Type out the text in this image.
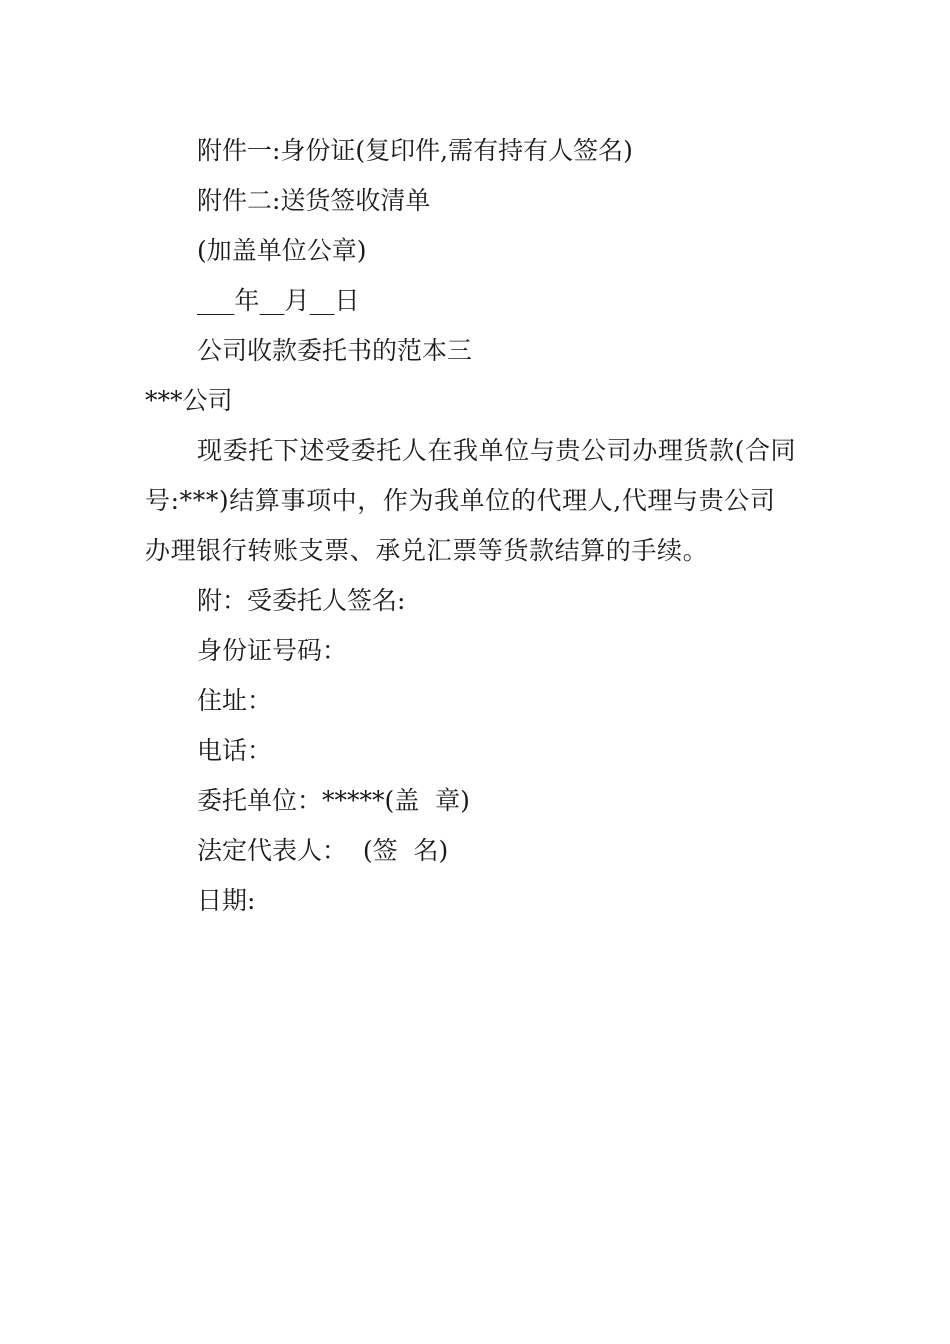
附件一:身份证(复印件,需有持有人签名)
附件二:送货签收清单
(加盖单位公章)
___年__月__日
公司收款委托书的范本三
***公司
现委托下述受委托人在我单位与贵公司办理货款(合同
号:***)结算事项中，作为我单位的代理人,代理与贵公司
办理银行转账支票、承兑汇票等货款结算的手续。
附：受委托人签名:
身份证号码：
住址：
电话：
委托单位：*****(盖  章)
法定代表人：  (签  名)
日期:
